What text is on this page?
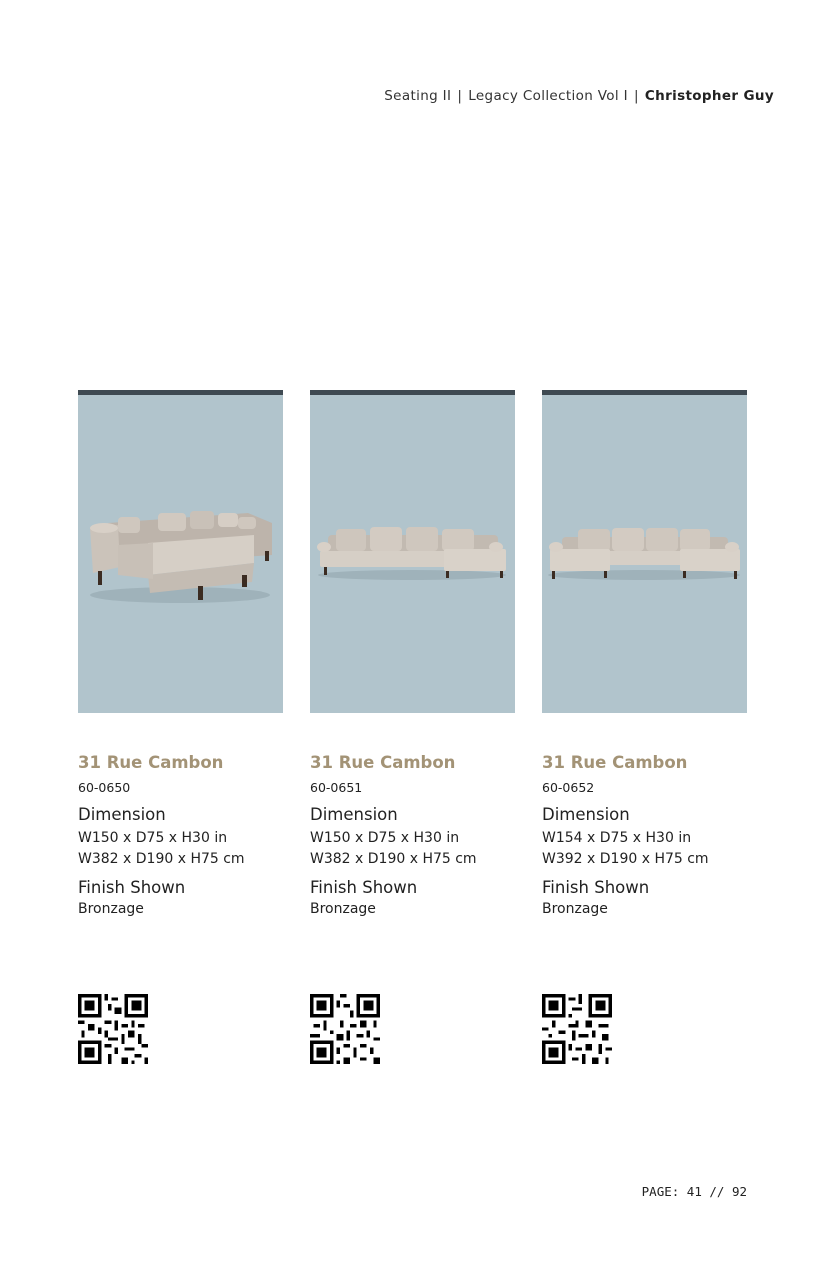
Seating II | Legacy Collection Vol I | Christopher Guy
31 Rue Cambon
60-0650
Dimension
W150 x D75 x H30 in
W382 x D190 x H75 cm
Finish Shown
Bronzage
31 Rue Cambon
60-0651
Dimension
W150 x D75 x H30 in
W382 x D190 x H75 cm
Finish Shown
Bronzage
31 Rue Cambon
60-0652
Dimension
W154 x D75 x H30 in
W392 x D190 x H75 cm
Finish Shown
Bronzage
PAGE: 41 // 92
